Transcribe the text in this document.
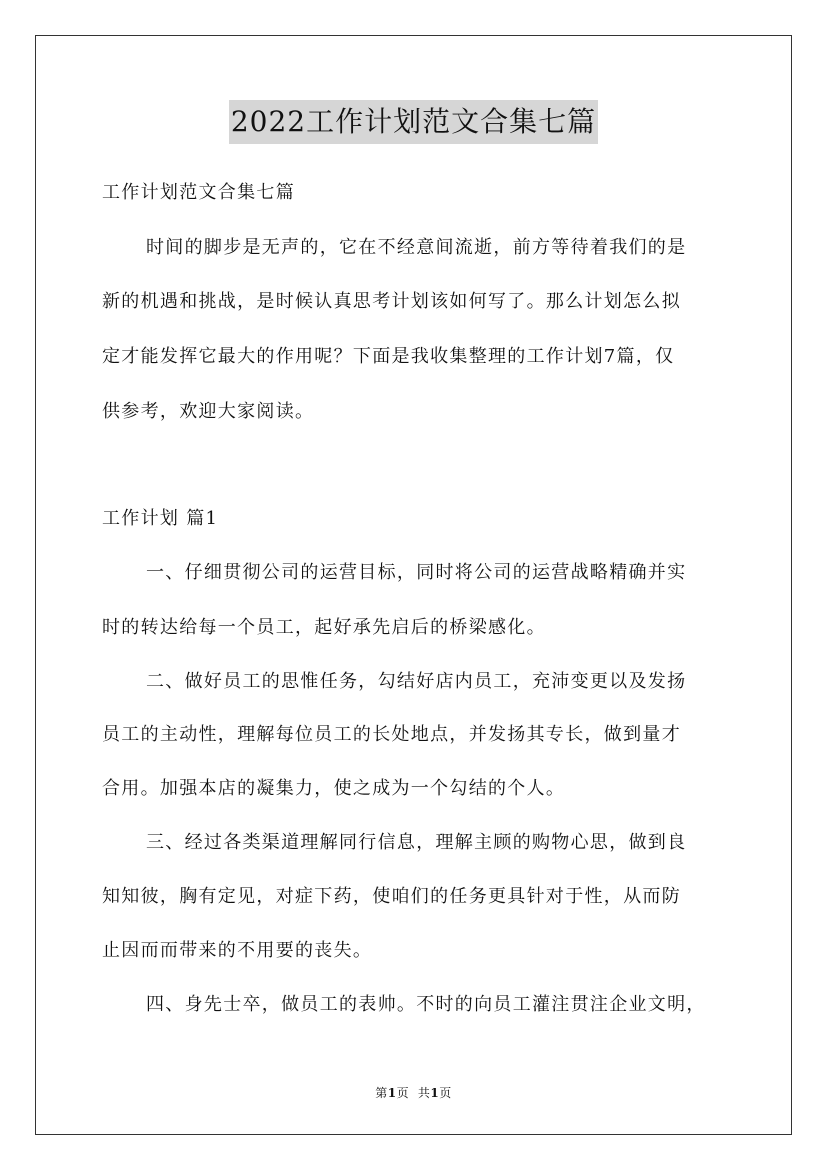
2022工作计划范文合集七篇
工作计划范文合集七篇
时间的脚步是无声的，它在不经意间流逝，前方等待着我们的是
新的机遇和挑战，是时候认真思考计划该如何写了。那么计划怎么拟
定才能发挥它最大的作用呢？下面是我收集整理的工作计划7篇，仅
供参考，欢迎大家阅读。
工作计划 篇1
一、仔细贯彻公司的运营目标，同时将公司的运营战略精确并实
时的转达给每一个员工，起好承先启后的桥梁感化。
二、做好员工的思惟任务，勾结好店内员工，充沛变更以及发扬
员工的主动性，理解每位员工的长处地点，并发扬其专长，做到量才
合用。加强本店的凝集力，使之成为一个勾结的个人。
三、经过各类渠道理解同行信息，理解主顾的购物心思，做到良
知知彼，胸有定见，对症下药，使咱们的任务更具针对于性，从而防
止因而而带来的不用要的丧失。
四、身先士卒，做员工的表帅。不时的向员工灌注贯注企业文明，
第1页 共1页
